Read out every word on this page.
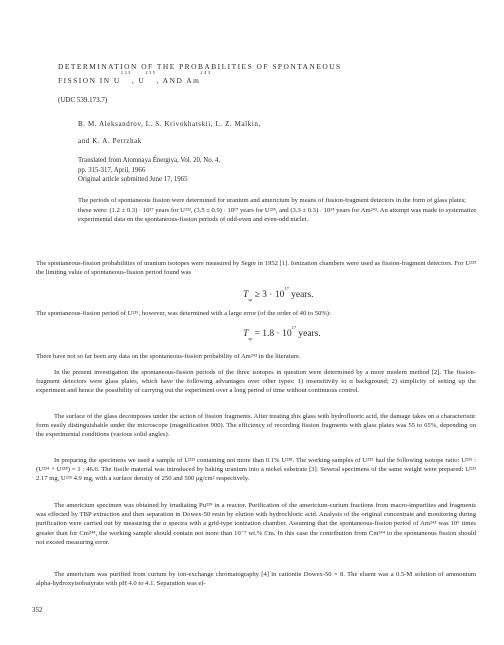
DETERMINATION OF THE PROBABILITIES OF SPONTANEOUS
FISSION IN $U^{233}$, $U^{235}$, AND Am$^{243}$
(UDC 539.173.7)

B. M. Aleksandrov, L. S. Krivokhatskii, L. Z. Malkin,
and K. A. Petrzhak

Translated from Atomnaya Énergiya, Vol. 20, No. 4,
pp. 315-317, April, 1966
Original article submitted June 17, 1965

The periods of spontaneous fission were determined for uranium and americium by means of fission-fragment detectors in the form of glass plates; these were: (1.2 ± 0.3) · 10¹⁷ years for U²³³, (3.5 ± 0.9) · 10¹⁷ years for U²³⁵, and (3.3 ± 0.3) · 10¹⁴ years for Am²⁴³. An attempt was made to systematize experimental data on the spontaneous-fission periods of odd-even and even-odd nuclei.

The spontaneous-fission probabilities of uranium isotopes were measured by Segre in 1952 [1]. Ionization chambers were used as fission-fragment detectors. For U²³³ the limiting value of spontaneous-fission period found was

Tsp ≥ $3 \cdot 10^{17}$ years.

The spontaneous-fission period of U²³⁵, however, was determined with a large error (of the order of 40 to 50%):

Tsp = $1.8 \cdot 10^{17}$ years.

There have not so far been any data on the spontaneous-fission probability of Am²⁴³ in the literature.

In the present investigation the spontaneous-fission periods of the three isotopes in question were determined by a more modern method [2]. The fission-fragment detectors were glass plates, which have the following advantages over other types: 1) insensitivity to α background; 2) simplicity of setting up the experiment and hence the possibility of carrying out the experiment over a long period of time without continuous control.

The surface of the glass decomposes under the action of fission fragments. After treating this glass with hydrofluoric acid, the damage takes on a characteristic form easily distinguishable under the microscope (magnification 900). The efficiency of recording fission fragments with glass plates was 55 to 65%, depending on the experimental conditions (various solid angles).

In preparing the specimens we used a sample of U²³³ containing not more than 0.1% U²³⁸. The working samples of U²³⁵ had the following isotope ratio: U²³⁵ : (U²³⁴ + U²³⁸) = 1 : 46.6. The fissile material was introduced by baking uranium into a nickel substrate [3]. Several specimens of the same weight were prepared: U²³³ 2.17 mg, U²³⁵ 4.9 mg, with a surface density of 250 and 500 μg/cm² respectively.

The americium specimen was obtained by irradiating Pu²³⁹ in a reactor. Purification of the americium-curium fractions from macro-impurities and fragments was effected by TBP extraction and then separation in Dowex-50 resin by elution with hydrochloric acid. Analysis of the original concentrate and monitoring during purification were carried out by measuring the α spectra with a grid-type ionization chamber. Assuming that the spontaneous-fission period of Am²⁴³ was 10⁶ times greater than for Cm²⁴⁴, the working sample should contain not more than 10⁻⁷ wt.% Cm. In this case the contribution from Cm²⁴⁴ to the spontaneous fission should not exceed measuring error.

The americium was purified from curium by ion-exchange chromatography [4] in cationite Dowex-50 × 8. The eluent was a 0.5-M solution of ammonium alpha-hydroxyisobutyrate with pH 4.0 to 4.1. Separation was ef-

352
